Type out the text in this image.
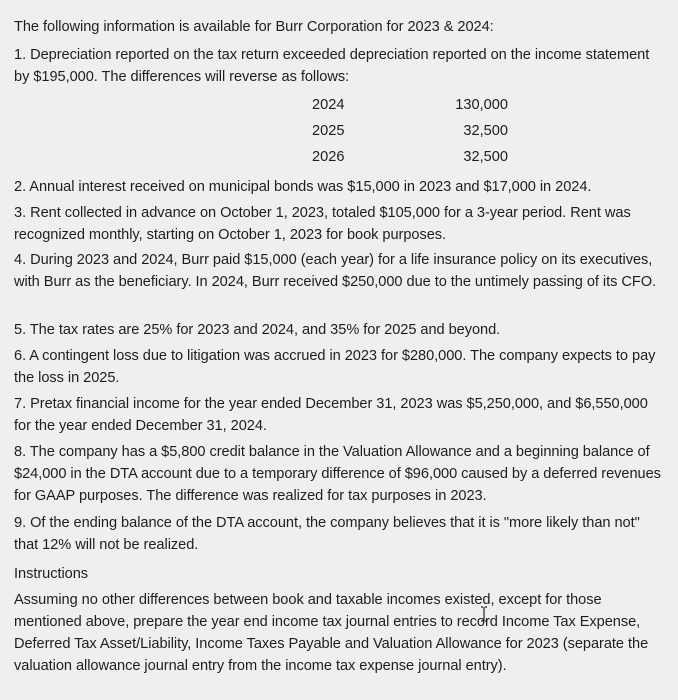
The following information is available for Burr Corporation for 2023 & 2024:

1. Depreciation reported on the tax return exceeded depreciation reported on the income statement by $195,000. The differences will reverse as follows:

2024	130,000
2025	32,500
2026	32,500

2. Annual interest received on municipal bonds was $15,000 in 2023 and $17,000 in 2024.

3. Rent collected in advance on October 1, 2023, totaled $105,000 for a 3-year period. Rent was recognized monthly, starting on October 1, 2023 for book purposes.

4. During 2023 and 2024, Burr paid $15,000 (each year) for a life insurance policy on its executives, with Burr as the beneficiary. In 2024, Burr received $250,000 due to the untimely passing of its CFO.

5. The tax rates are 25% for 2023 and 2024, and 35% for 2025 and beyond.

6. A contingent loss due to litigation was accrued in 2023 for $280,000. The company expects to pay the loss in 2025.

7. Pretax financial income for the year ended December 31, 2023 was $5,250,000, and $6,550,000 for the year ended December 31, 2024.

8. The company has a $5,800 credit balance in the Valuation Allowance and a beginning balance of $24,000 in the DTA account due to a temporary difference of $96,000 caused by a deferred revenues for GAAP purposes. The difference was realized for tax purposes in 2023.

9. Of the ending balance of the DTA account, the company believes that it is "more likely than not" that 12% will not be realized.

Instructions

Assuming no other differences between book and taxable incomes existed, except for those mentioned above, prepare the year end income tax journal entries to record Income Tax Expense, Deferred Tax Asset/Liability, Income Taxes Payable and Valuation Allowance for 2023 (separate the valuation allowance journal entry from the income tax expense journal entry).
